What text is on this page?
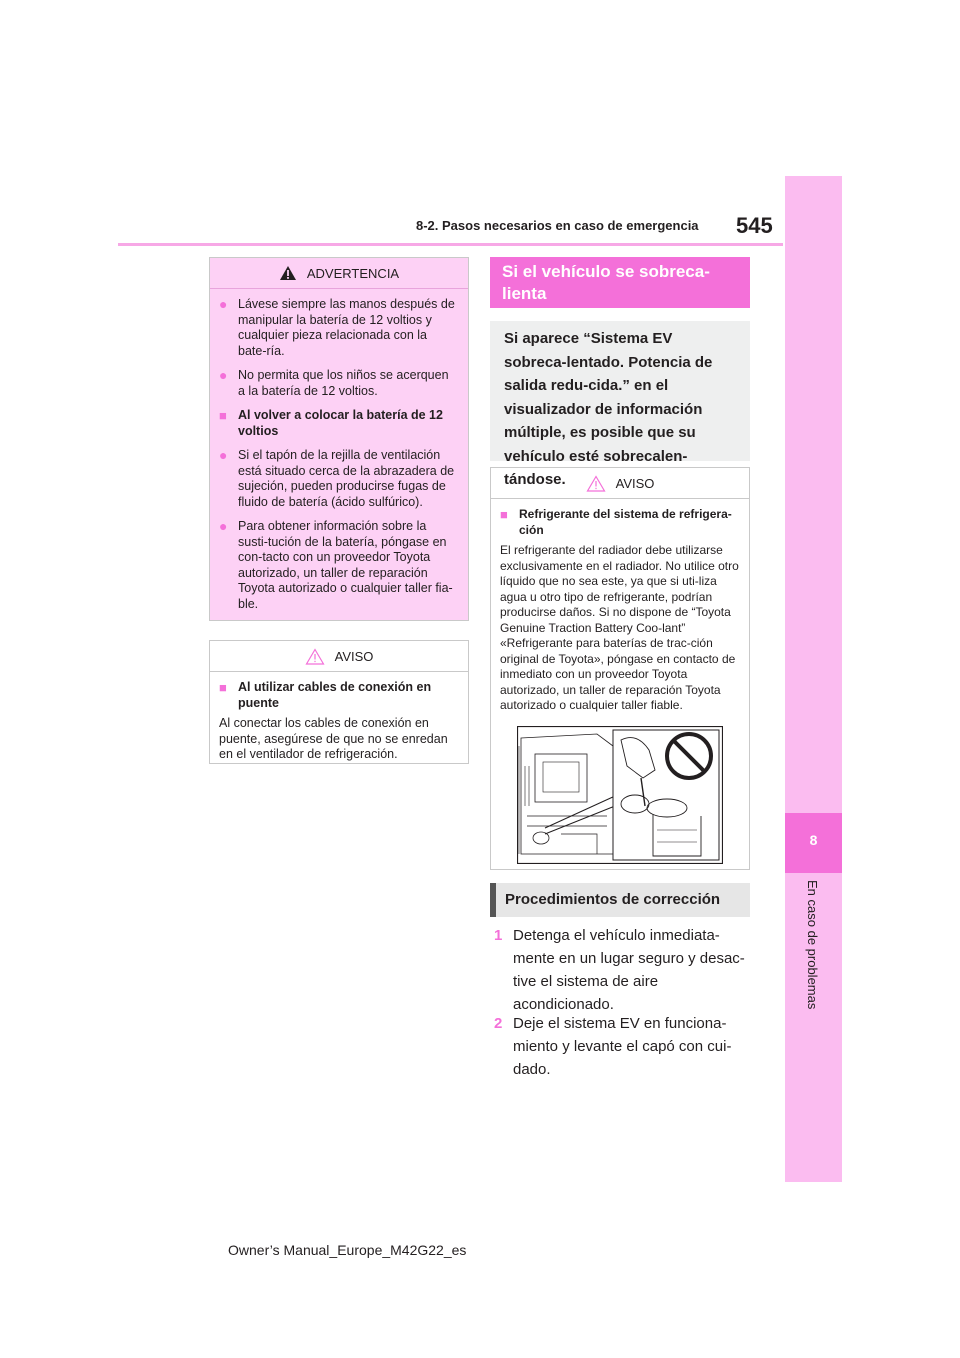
8-2. Pasos necesarios en caso de emergencia 545
8
En caso de problemas
ADVERTENCIA
● Lávese siempre las manos después de manipular la batería de 12 voltios y cualquier pieza relacionada con la bate-ría.
● No permita que los niños se acerquen a la batería de 12 voltios.
■ Al volver a colocar la batería de 12 voltios
● Si el tapón de la rejilla de ventilación está situado cerca de la abrazadera de sujeción, pueden producirse fugas de fluido de batería (ácido sulfúrico).
● Para obtener información sobre la susti-tución de la batería, póngase en con-tacto con un proveedor Toyota autorizado, un taller de reparación Toyota autorizado o cualquier taller fia-ble.
AVISO
■ Al utilizar cables de conexión en puente

Al conectar los cables de conexión en puente, asegúrese de que no se enredan en el ventilador de refrigeración.

Si el vehículo se sobreca-lienta
Si aparece “Sistema EV sobreca-lentado. Potencia de salida redu-cida.” en el visualizador de información múltiple, es posible que su vehículo esté sobrecalen-tándose.	AVISO
■ Refrigerante del sistema de refrigera-ción

El refrigerante del radiador debe utilizarse exclusivamente en el radiador. No utilice otro líquido que no sea este, ya que si uti-liza agua u otro tipo de refrigerante, podrían producirse daños. Si no dispone de “Toyota Genuine Traction Battery Coo-lant” «Refrigerante para baterías de trac-ción original de Toyota», póngase en contacto de inmediato con un proveedor Toyota autorizado, un taller de reparación Toyota autorizado o cualquier taller fiable.

Procedimientos de corrección
1 Detenga el vehículo inmediata-mente en un lugar seguro y desac-tive el sistema de aire acondicionado.
2 Deje el sistema EV en funciona-miento y levante el capó con cui-dado.
Owner’s Manual_Europe_M42G22_es
